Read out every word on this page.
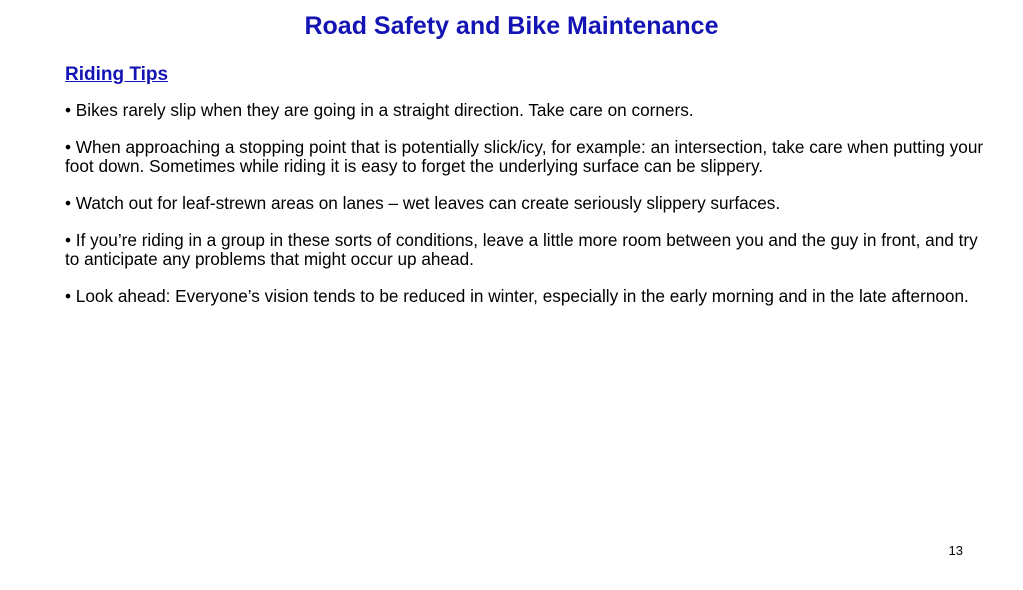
Road Safety and Bike Maintenance
Riding Tips

• Bikes rarely slip when they are going in a straight direction. Take care on corners.

• When approaching a stopping point that is potentially slick/icy, for example: an intersection, take care when putting your foot down. Sometimes while riding it is easy to forget the underlying surface can be slippery.

• Watch out for leaf-strewn areas on lanes – wet leaves can create seriously slippery surfaces.

• If you’re riding in a group in these sorts of conditions, leave a little more room between you and the guy in front, and try to anticipate any problems that might occur up ahead.

• Look ahead: Everyone’s vision tends to be reduced in winter, especially in the early morning and in the late afternoon.

13
